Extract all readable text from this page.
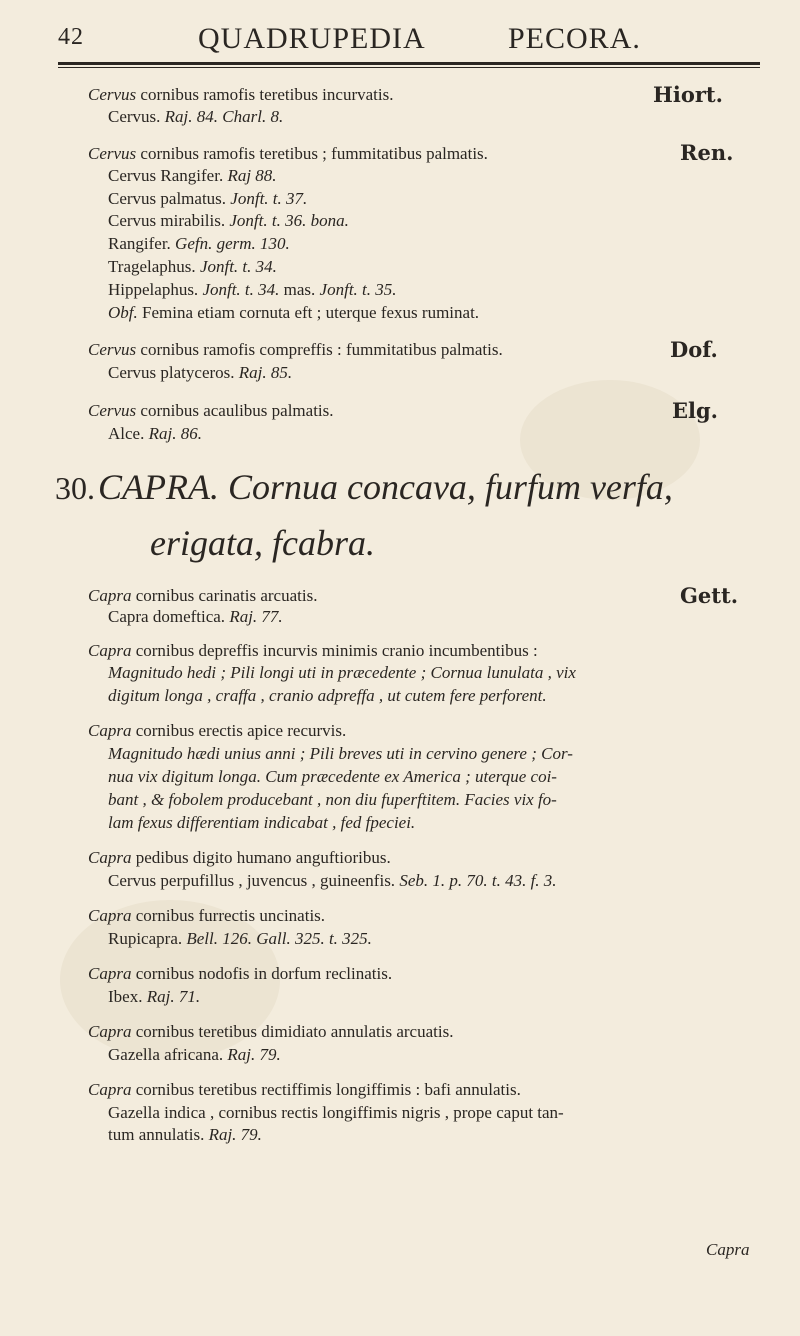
42	QUADRUPEDIA	PECORA.
Cervus cornibus ramofis teretibus incurvatis.
Cervus. Raj. 84. Charl. 8.
Cervus cornibus ramofis teretibus ; fummitatibus palmatis.
Cervus Rangifer. Raj 88.
Cervus palmatus. Jonft. t. 37.
Cervus mirabilis. Jonft. t. 36. bona.
Rangifer. Gefn. germ. 130.
Tragelaphus. Jonft. t. 34.
Hippelaphus. Jonft. t. 34. mas. Jonft. t. 35.
Obf. Femina etiam cornuta eft ; uterque fexus ruminat.
Cervus cornibus ramofis compreffis : fummitatibus palmatis.
Cervus platyceros. Raj. 85.
Cervus cornibus acaulibus palmatis.
Alce. Raj. 86.
Capra cornibus carinatis arcuatis.
Capra domeftica. Raj. 77.
Capra cornibus depreffis incurvis minimis cranio incumbentibus :
Magnitudo hedi ; Pili longi uti in præcedente ; Cornua lunulata , vix
digitum longa , craffa , cranio adpreffa , ut cutem fere perforent.
Capra cornibus erectis apice recurvis.
Magnitudo hædi unius anni ; Pili breves uti in cervino genere ; Cor-
nua vix digitum longa. Cum præcedente ex America ; uterque coi-
bant , & fobolem producebant , non diu fuperftitem. Facies vix fo-
lam fexus differentiam indicabat , fed fpeciei.
Capra pedibus digito humano anguftioribus.
Cervus perpufillus , juvencus , guineenfis. Seb. 1. p. 70. t. 43. f. 3.
Capra cornibus furrectis uncinatis.
Rupicapra. Bell. 126. Gall. 325. t. 325.
Capra cornibus nodofis in dorfum reclinatis.
Ibex. Raj. 71.
Capra cornibus teretibus dimidiato annulatis arcuatis.
Gazella africana. Raj. 79.
Capra cornibus teretibus rectiffimis longiffimis : bafi annulatis.
Gazella indica , cornibus rectis longiffimis nigris , prope caput tan-
tum annulatis. Raj. 79.
Hiort.
Ren.
Dof.
Elg.
Gett.
30. CAPRA. Cornua concava, furfum verfa,
erigata, fcabra.
Capra
